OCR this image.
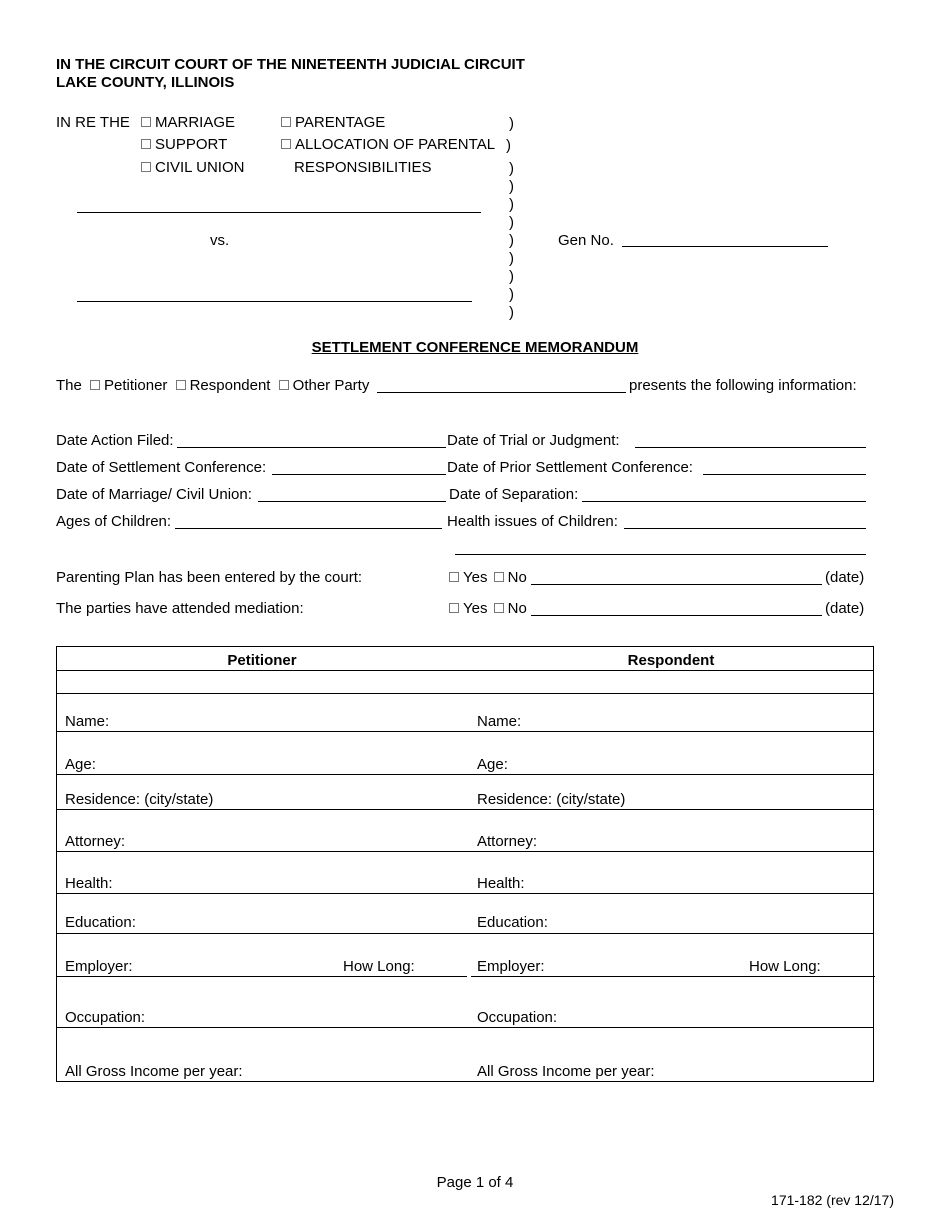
IN THE CIRCUIT COURT OF THE NINETEENTH JUDICIAL CIRCUIT
LAKE COUNTY, ILLINOIS
IN RE THE	MARRIAGE
SUPPORT
CIVIL UNION
PARENTAGE
ALLOCATION OF PARENTAL
RESPONSIBILITIES
)
)
)
)
)
)
)
)
)
)
)
vs.	Gen No.
SETTLEMENT CONFERENCE MEMORANDUM
The Petitioner Respondent Other Party	presents the following information:
Date Action Filed:	Date of Trial or Judgment:
Date of Settlement Conference:	Date of Prior Settlement Conference:
Date of Marriage/ Civil Union:	Date of Separation:
Ages of Children:	Health issues of Children:
Parenting Plan has been entered by the court:	Yes No	(date)
The parties have attended mediation:	Yes No	(date)
Petitioner	Respondent
Name:	Name:
Age:	Age:
Residence: (city/state)	Residence: (city/state)
Attorney:	Attorney:
Health:	Health:
Education:	Education:
Employer:	How Long:	Employer:	How Long:
Occupation:	Occupation:
All Gross Income per year:	All Gross Income per year:
Page 1 of 4
171-182 (rev 12/17)
